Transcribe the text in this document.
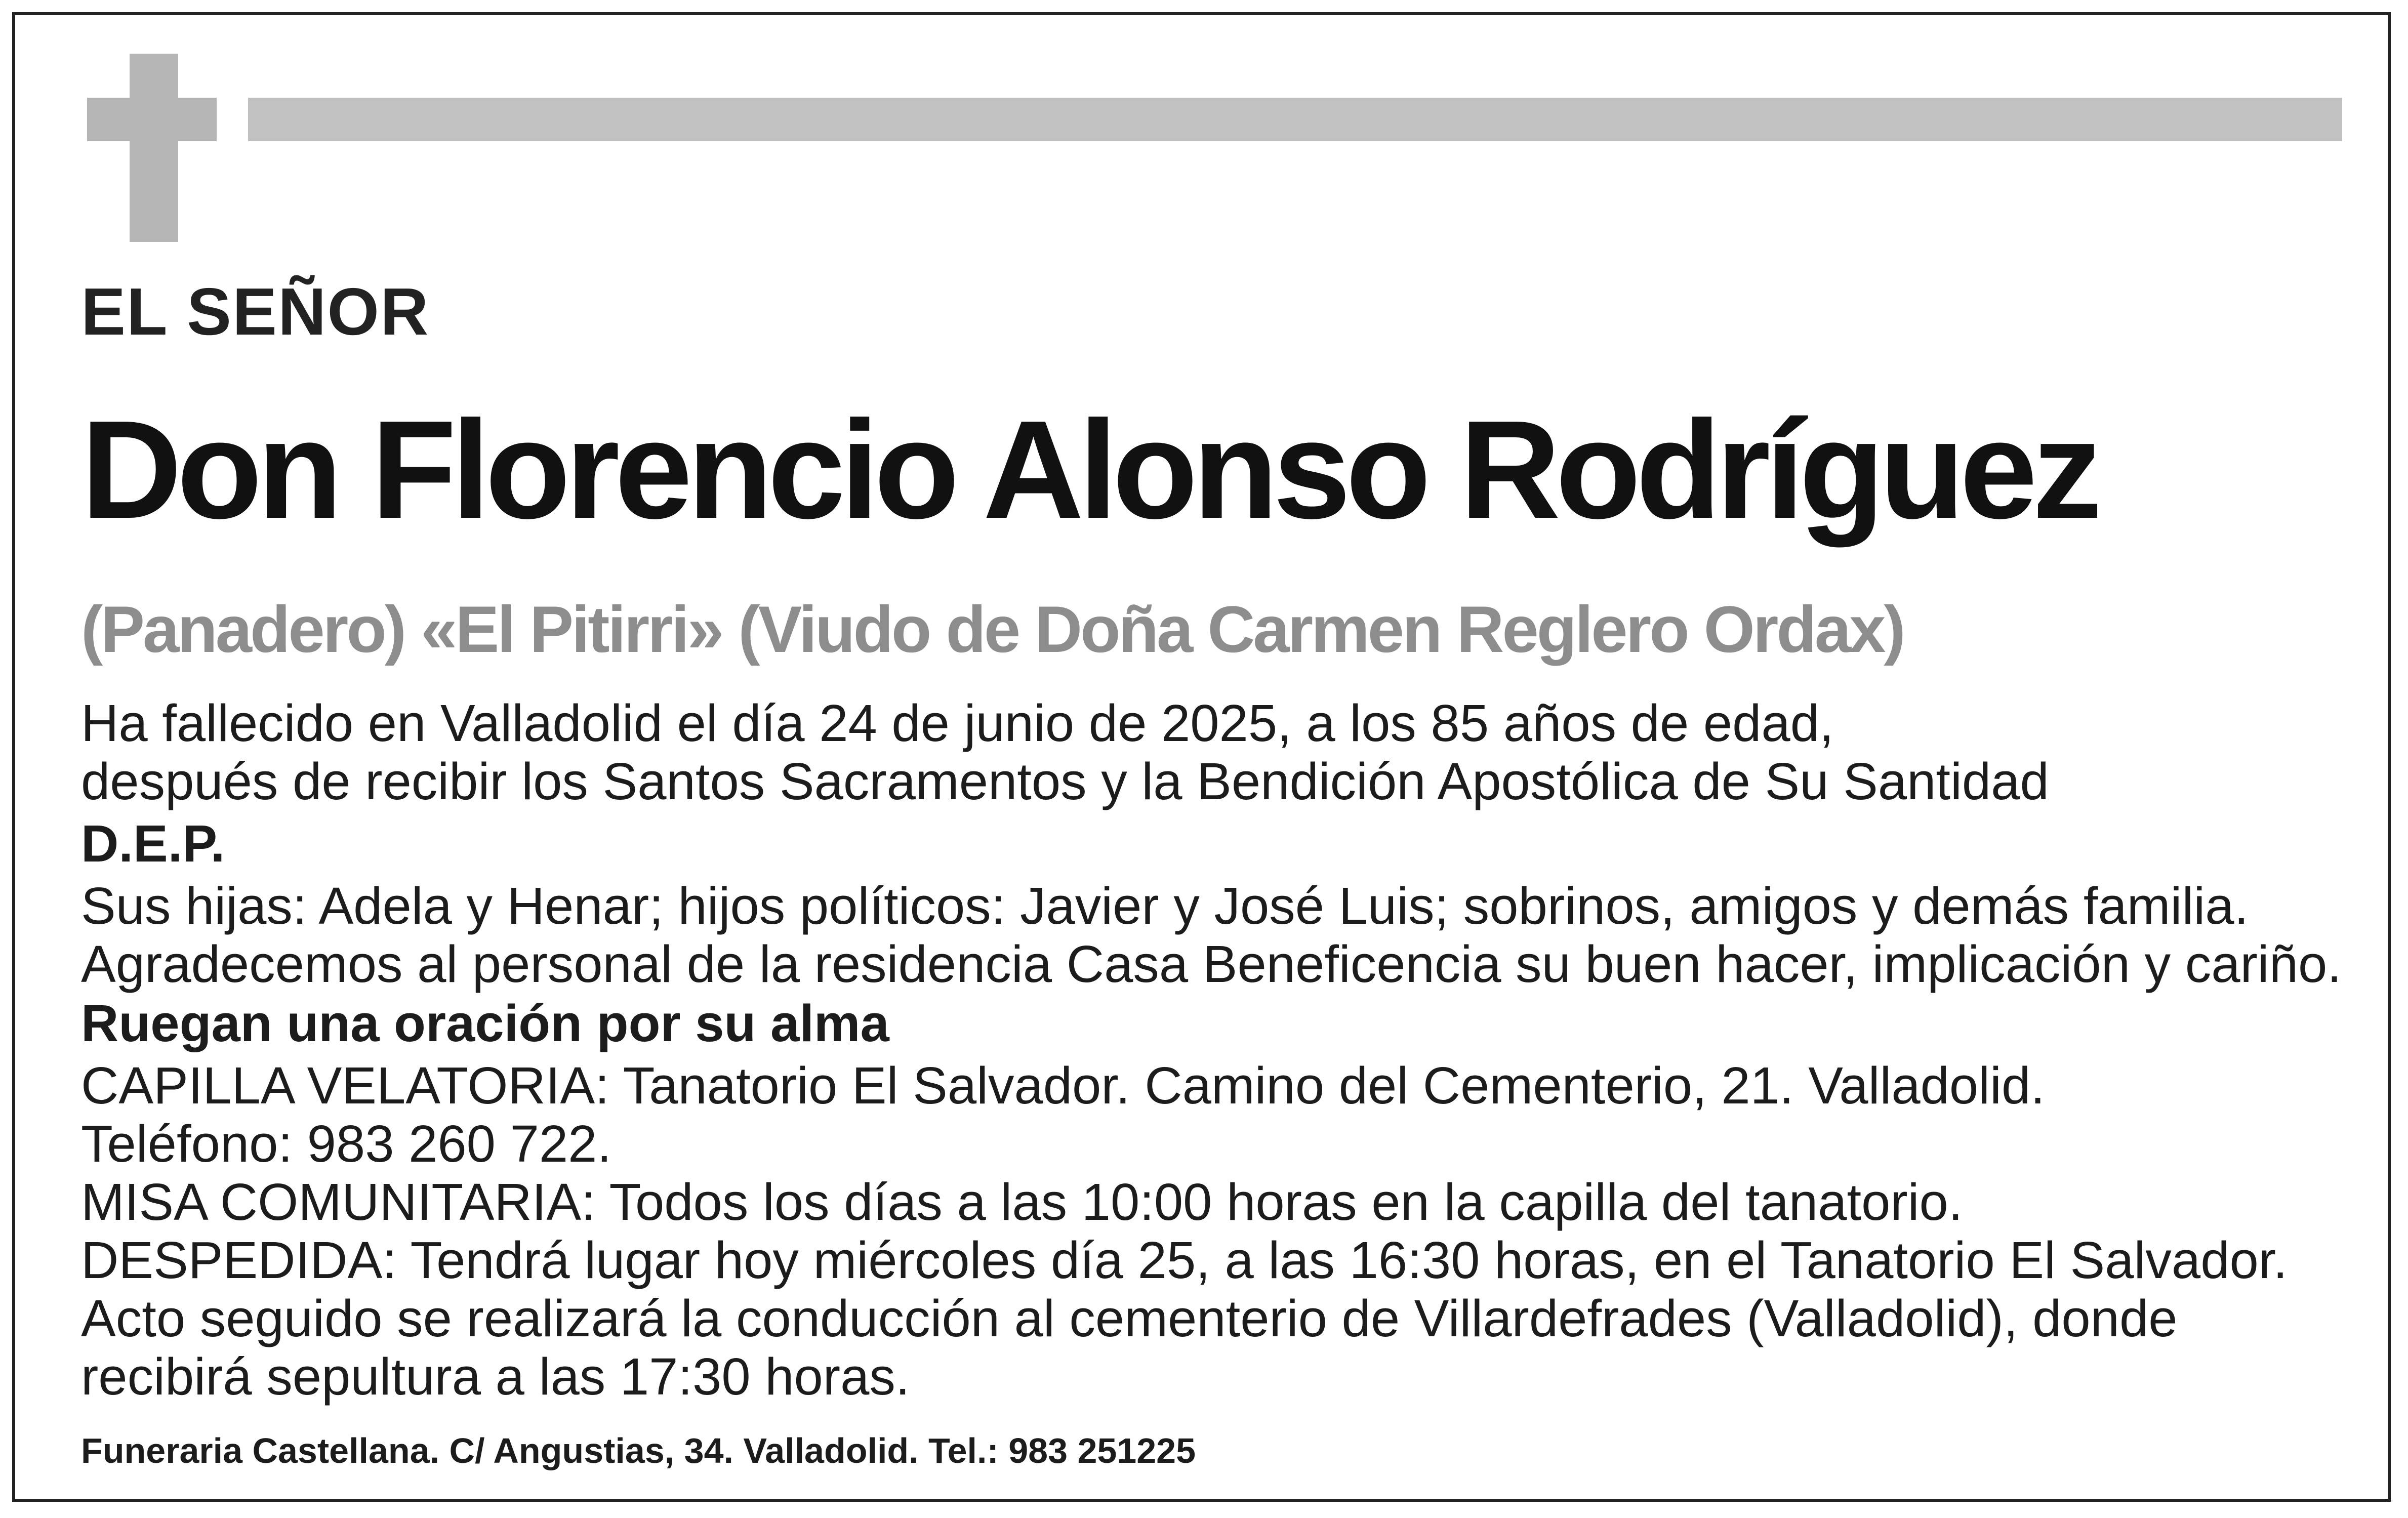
EL SEÑOR

Don Florencio Alonso Rodríguez

(Panadero) «El Pitirri» (Viudo de Doña Carmen Reglero Ordax)

Ha fallecido en Valladolid el día 24 de junio de 2025, a los 85 años de edad,

después de recibir los Santos Sacramentos y la Bendición Apostólica de Su Santidad

D.E.P.

Sus hijas: Adela y Henar; hijos políticos: Javier y José Luis; sobrinos, amigos y demás familia.

Agradecemos al personal de la residencia Casa Beneficencia su buen hacer, implicación y cariño.

Ruegan una oración por su alma

CAPILLA VELATORIA: Tanatorio El Salvador. Camino del Cementerio, 21. Valladolid.

Teléfono: 983 260 722.

MISA COMUNITARIA: Todos los días a las 10:00 horas en la capilla del tanatorio.

DESPEDIDA: Tendrá lugar hoy miércoles día 25, a las 16:30 horas, en el Tanatorio El Salvador.

Acto seguido se realizará la conducción al cementerio de Villardefrades (Valladolid), donde

recibirá sepultura a las 17:30 horas.

Funeraria Castellana. C/ Angustias, 34. Valladolid. Tel.: 983 251225
